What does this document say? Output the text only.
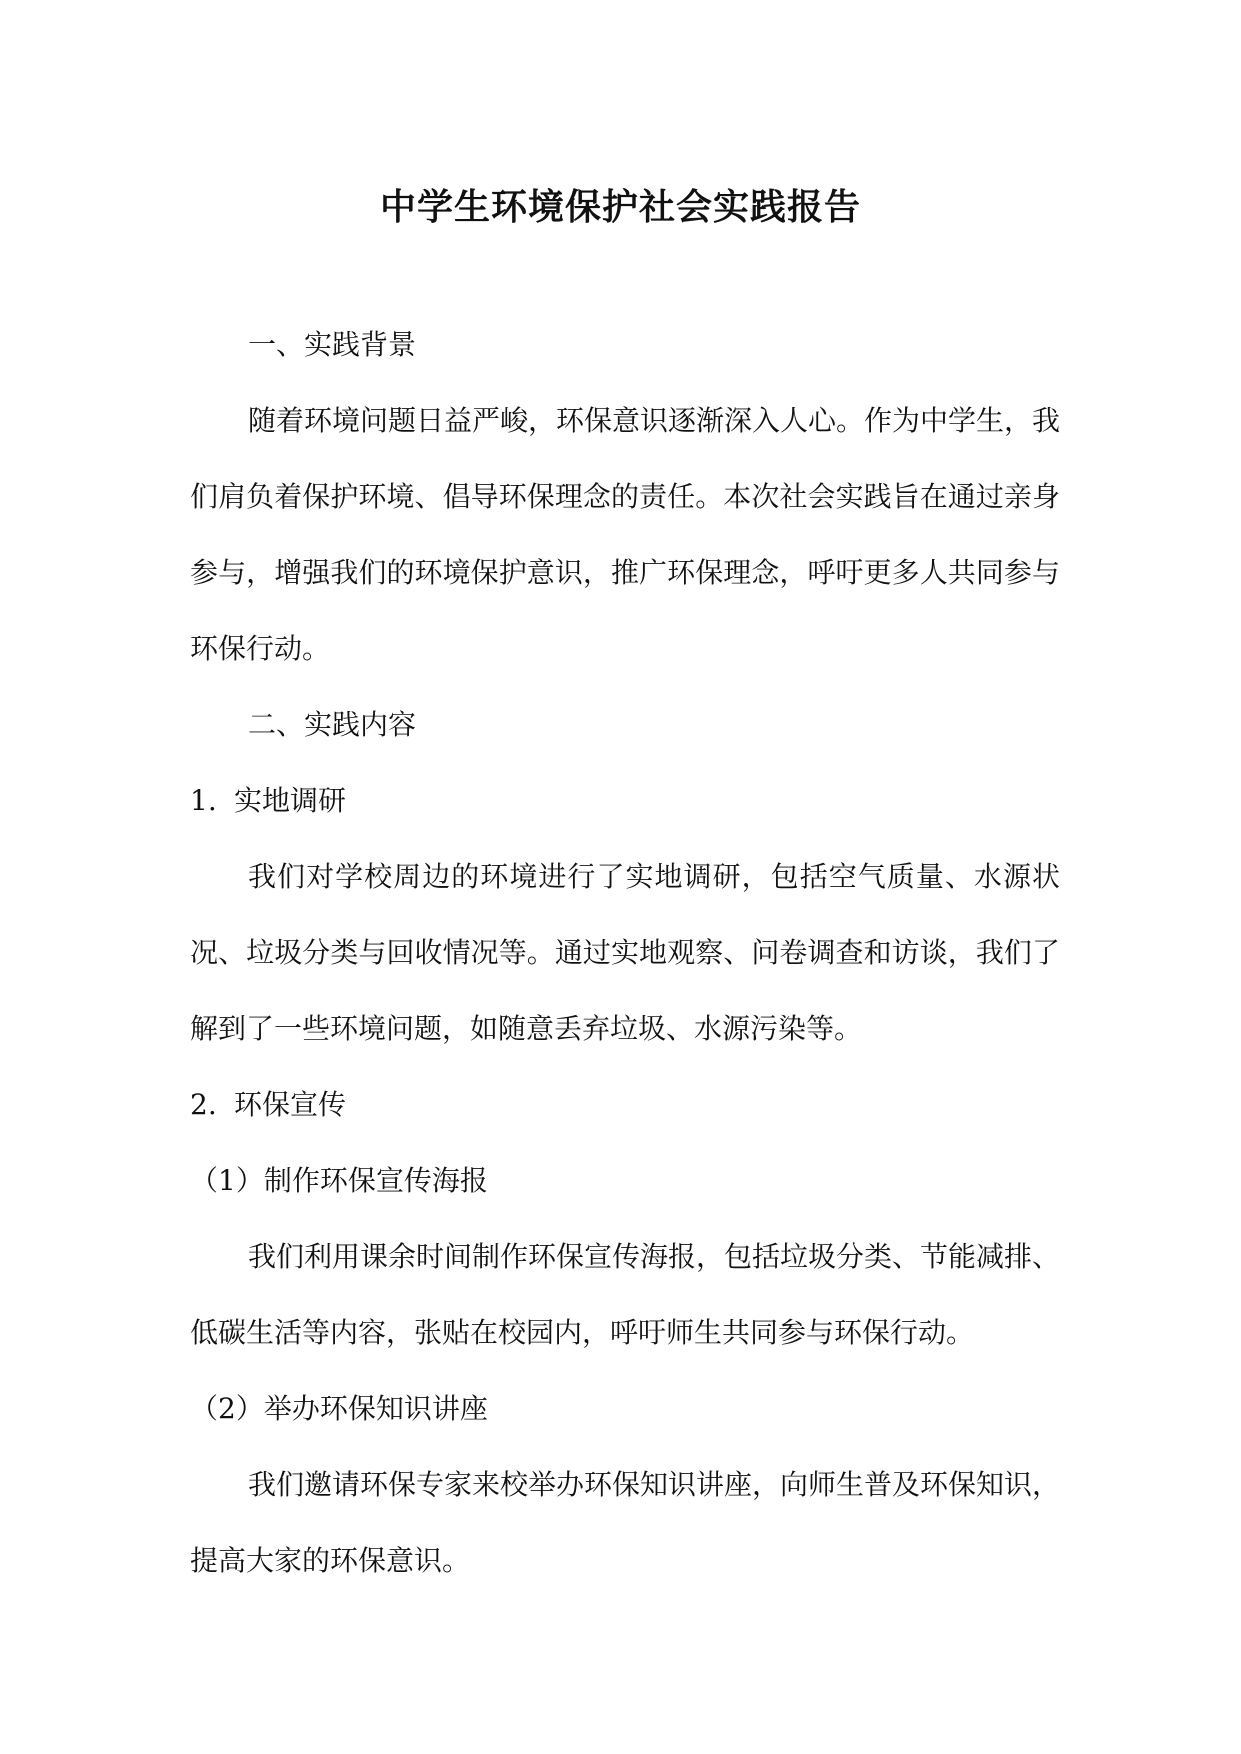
中学生环境保护社会实践报告

一、实践背景

随着环境问题日益严峻，环保意识逐渐深入人心。作为中学生，我们肩负着保护环境、倡导环保理念的责任。本次社会实践旨在通过亲身参与，增强我们的环境保护意识，推广环保理念，呼吁更多人共同参与环保行动。

二、实践内容

1. 实地调研

我们对学校周边的环境进行了实地调研，包括空气质量、水源状况、垃圾分类与回收情况等。通过实地观察、问卷调查和访谈，我们了解到了一些环境问题，如随意丢弃垃圾、水源污染等。

2. 环保宣传

（1）制作环保宣传海报

我们利用课余时间制作环保宣传海报，包括垃圾分类、节能减排、低碳生活等内容，张贴在校园内，呼吁师生共同参与环保行动。

（2）举办环保知识讲座

我们邀请环保专家来校举办环保知识讲座，向师生普及环保知识，提高大家的环保意识。
